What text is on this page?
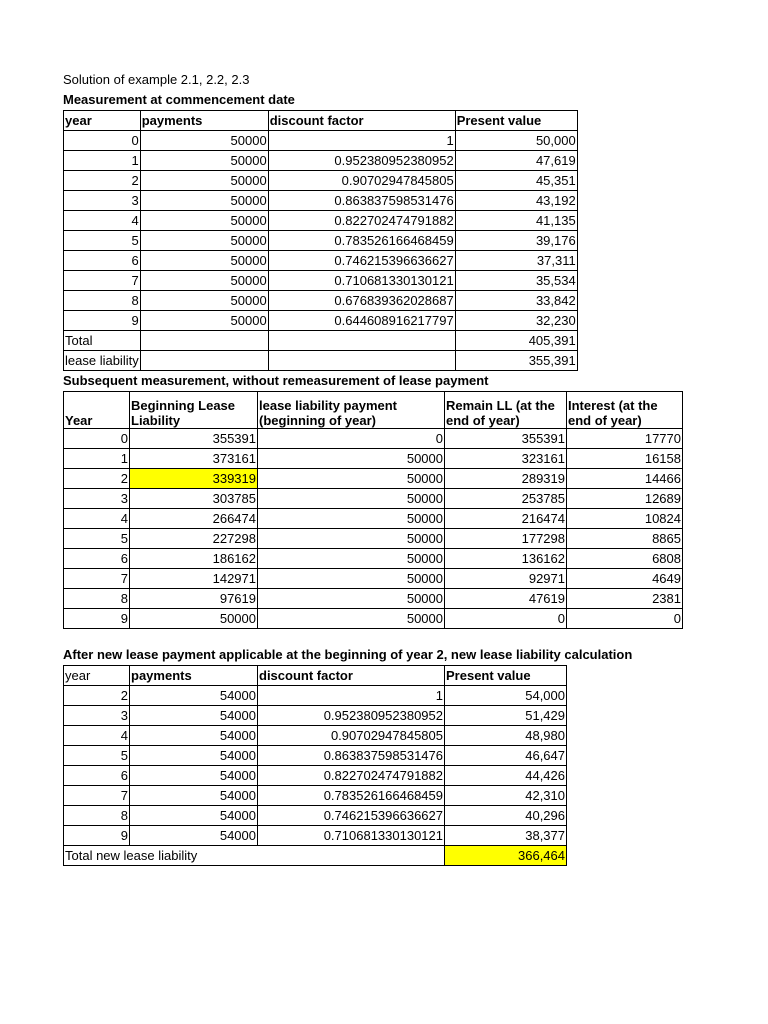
Solution of example 2.1, 2.2, 2.3
Measurement at commencement date
year	payments	discount factor	Present value
0	50000	1	50,000
1	50000	0.952380952380952	47,619
2	50000	0.90702947845805	45,351
3	50000	0.863837598531476	43,192
4	50000	0.822702474791882	41,135
5	50000	0.783526166468459	39,176
6	50000	0.746215396636627	37,311
7	50000	0.710681330130121	35,534
8	50000	0.676839362028687	33,842
9	50000	0.644608916217797	32,230
Total			405,391
lease liability			355,391
Subsequent measurement, without remeasurement of lease payment
Year	Beginning Lease Liability	lease liability payment (beginning of year)	Remain LL (at the end of year)	Interest (at the end of year)
0	355391	0	355391	17770
1	373161	50000	323161	16158
2	339319	50000	289319	14466
3	303785	50000	253785	12689
4	266474	50000	216474	10824
5	227298	50000	177298	8865
6	186162	50000	136162	6808
7	142971	50000	92971	4649
8	97619	50000	47619	2381
9	50000	50000	0	0
After new lease payment applicable at the beginning of year 2, new lease liability calculation
year	payments	discount factor	Present value
2	54000	1	54,000
3	54000	0.952380952380952	51,429
4	54000	0.90702947845805	48,980
5	54000	0.863837598531476	46,647
6	54000	0.822702474791882	44,426
7	54000	0.783526166468459	42,310
8	54000	0.746215396636627	40,296
9	54000	0.710681330130121	38,377
Total new lease liability			366,464
